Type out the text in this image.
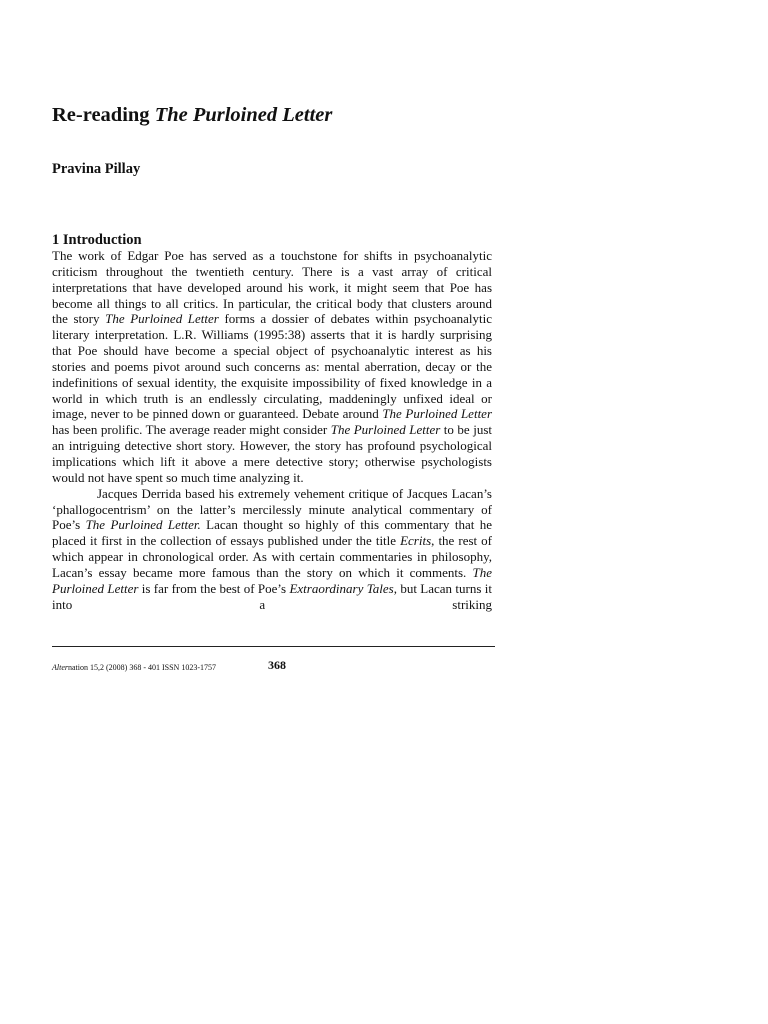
Re-reading The Purloined Letter
Pravina Pillay
1 Introduction

The work of Edgar Poe has served as a touchstone for shifts in psychoanalytic criticism throughout the twentieth century. There is a vast array of critical interpretations that have developed around his work, it might seem that Poe has become all things to all critics. In particular, the critical body that clusters around the story The Purloined Letter forms a dossier of debates within psychoanalytic literary interpretation. L.R. Williams (1995:38) asserts that it is hardly surprising that Poe should have become a special object of psychoanalytic interest as his stories and poems pivot around such concerns as: mental aberration, decay or the indefinitions of sexual identity, the exquisite impossibility of fixed knowledge in a world in which truth is an endlessly circulating, maddeningly unfixed ideal or image, never to be pinned down or guaranteed. Debate around The Purloined Letter has been prolific. The average reader might consider The Purloined Letter to be just an intriguing detective short story. However, the story has profound psychological implications which lift it above a mere detective story; otherwise psychologists would not have spent so much time analyzing it.

Jacques Derrida based his extremely vehement critique of Jacques Lacan’s ‘phallogocentrism’ on the latter’s mercilessly minute analytical commentary of Poe’s The Purloined Letter. Lacan thought so highly of this commentary that he placed it first in the collection of essays published under the title Ecrits, the rest of which appear in chronological order. As with certain commentaries in philosophy, Lacan’s essay became more famous than the story on which it comments. The Purloined Letter is far from the best of Poe’s Extraordinary Tales, but Lacan turns it into a striking

Alternation 15,2 (2008) 368 - 401 ISSN 1023-1757	368
